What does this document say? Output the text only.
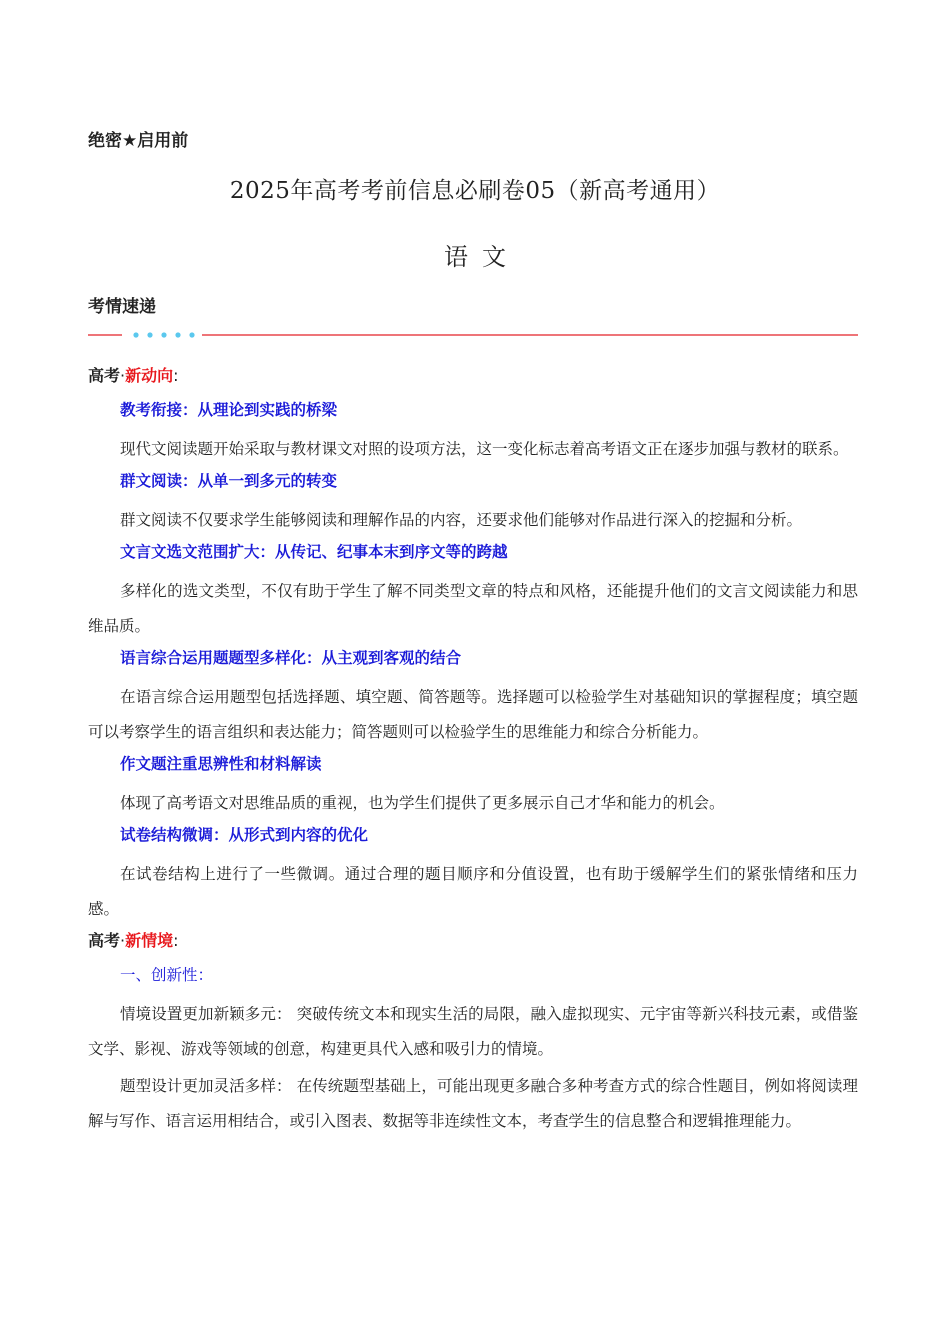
绝密★启用前
2025年高考考前信息必刷卷05（新高考通用）
语文
考情速递

高考·新动向:

教考衔接：从理论到实践的桥梁

现代文阅读题开始采取与教材课文对照的设项方法，这一变化标志着高考语文正在逐步加强与教材的联系。

群文阅读：从单一到多元的转变

群文阅读不仅要求学生能够阅读和理解作品的内容，还要求他们能够对作品进行深入的挖掘和分析。

文言文选文范围扩大：从传记、纪事本末到序文等的跨越

多样化的选文类型，不仅有助于学生了解不同类型文章的特点和风格，还能提升他们的文言文阅读能力和思维品质。

语言综合运用题题型多样化：从主观到客观的结合

在语言综合运用题型包括选择题、填空题、简答题等。选择题可以检验学生对基础知识的掌握程度；填空题可以考察学生的语言组织和表达能力；简答题则可以检验学生的思维能力和综合分析能力。

作文题注重思辨性和材料解读

体现了高考语文对思维品质的重视，也为学生们提供了更多展示自己才华和能力的机会。

试卷结构微调：从形式到内容的优化

在试卷结构上进行了一些微调。通过合理的题目顺序和分值设置，也有助于缓解学生们的紧张情绪和压力感。

高考·新情境:

一、创新性：

情境设置更加新颖多元： 突破传统文本和现实生活的局限，融入虚拟现实、元宇宙等新兴科技元素，或借鉴文学、影视、游戏等领域的创意，构建更具代入感和吸引力的情境。

题型设计更加灵活多样： 在传统题型基础上，可能出现更多融合多种考查方式的综合性题目，例如将阅读理解与写作、语言运用相结合，或引入图表、数据等非连续性文本，考查学生的信息整合和逻辑推理能力。
